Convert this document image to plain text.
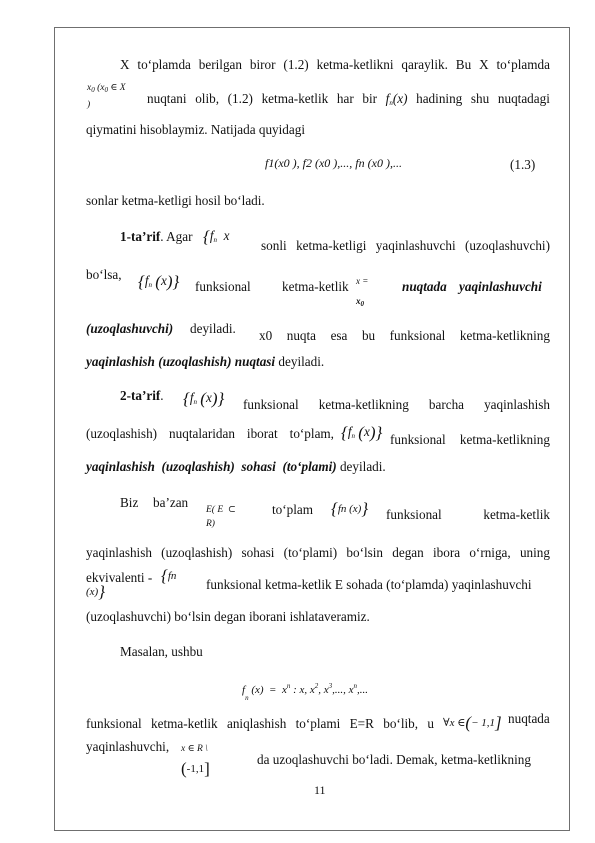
X to‘plamda berilgan biror (1.2) ketma-ketlikni qaraylik. Bu X to‘plamda
$x_0$ ($x_0$ ∈ X
)	nuqtani olib, (1.2) ketma-ketlik har bir $f_n(x)$ hadining shu nuqtadagi
qiymatini hisoblaymiz. Natijada quyidagi
f1(x0 ), f2 (x0 ),..., fn (x0 ),...	(1.3)
sonlar ketma-ketligi hosil bo‘ladi.
1-ta’rif. Agar {$f_n$  x
sonli ketma-ketligi yaqinlashuvchi (uzoqlashuvchi)
bo‘lsa, {$f_n$ (x)} funksional ketma-ketlik x =
$x_0$
nuqtada yaqinlashuvchi
(uzoqlashuvchi) deyiladi. x0 nuqta esa bu funksional ketma-ketlikning
yaqinlashish (uzoqlashish) nuqtasi deyiladi.
2-ta’rif. {$f_n$ (x)} funksional ketma-ketlikning barcha yaqinlashish
(uzoqlashish) nuqtalaridan iborat to‘plam, {$f_n$ (x)} funksional ketma-ketlikning
yaqinlashish (uzoqlashish) sohasi (to‘plami) deyiladi.
Biz ba’zan E( E  ⊂
R)
to‘plam {fn (x)} funksional	ketma-ketlik
yaqinlashish (uzoqlashish) sohasi (to‘plami) bo‘lsin degan ibora o‘rniga, uning
ekvivalenti - {fn
(x)}	funksional ketma-ketlik E sohada (to‘plamda) yaqinlashuvchi
(uzoqlashuvchi) bo‘lsin degan iborani ishlataveramiz.
Masalan, ushbu
$f_n$ $(x) = x^n$ : x, $x^2$, $x^3$,..., $x^n$,...
funksional ketma-ketlik aniqlashish to‘plami E=R bo‘lib, u ∀x ∈(− 1,1] nuqtada
yaqinlashuvchi, x ∈ R \
(-1,1]	da uzoqlashuvchi bo‘ladi. Demak, ketma-ketlikning
11
